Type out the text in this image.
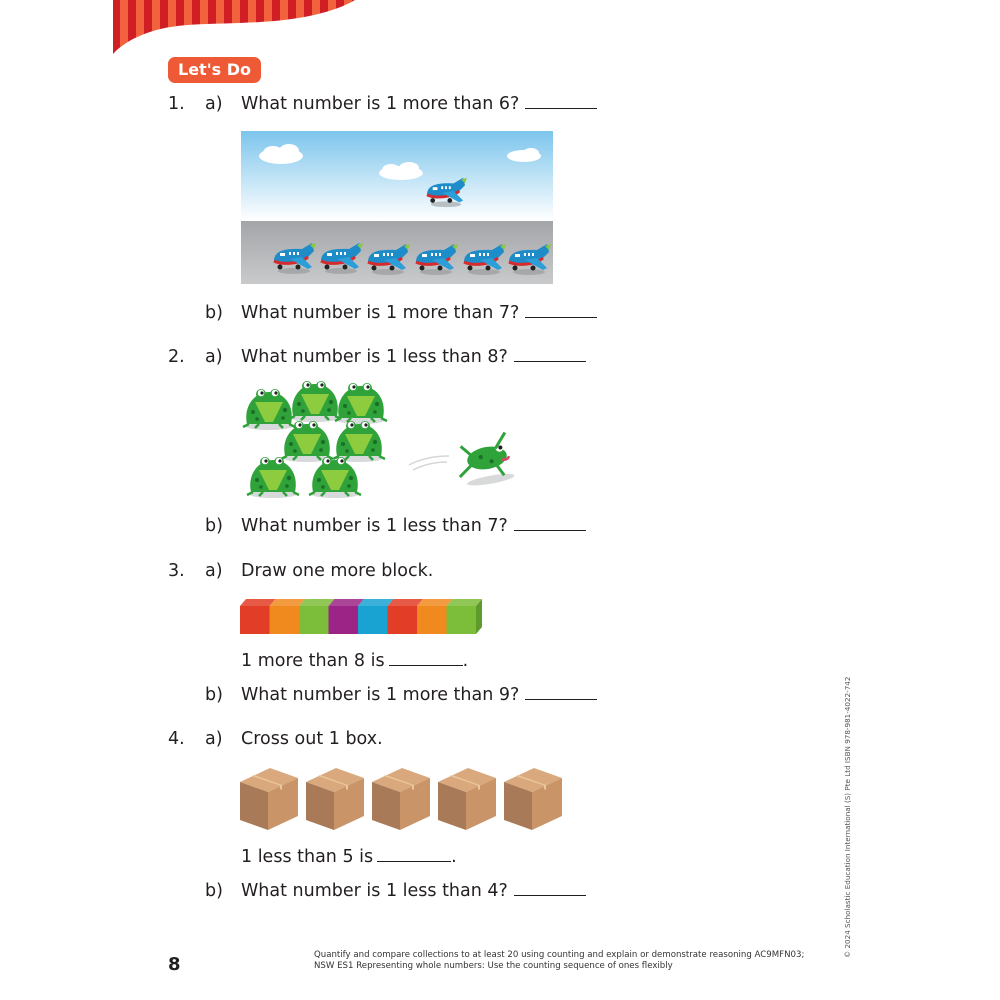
Let's Do
1. a) What number is 1 more than 6?
b) What number is 1 more than 7?
2. a) What number is 1 less than 8?
b) What number is 1 less than 7?
3. a) Draw one more block.
1 more than 8 is	.
b) What number is 1 more than 9?
4. a) Cross out 1 box.
1 less than 5 is	.
b) What number is 1 less than 4?
8	Quantify and compare collections to at least 20 using counting and explain or demonstrate reasoning AC9MFN03;
NSW ES1 Representing whole numbers: Use the counting sequence of ones flexibly
© 2024 Scholastic Education International (S) Pte Ltd ISBN 978-981-4022-742
